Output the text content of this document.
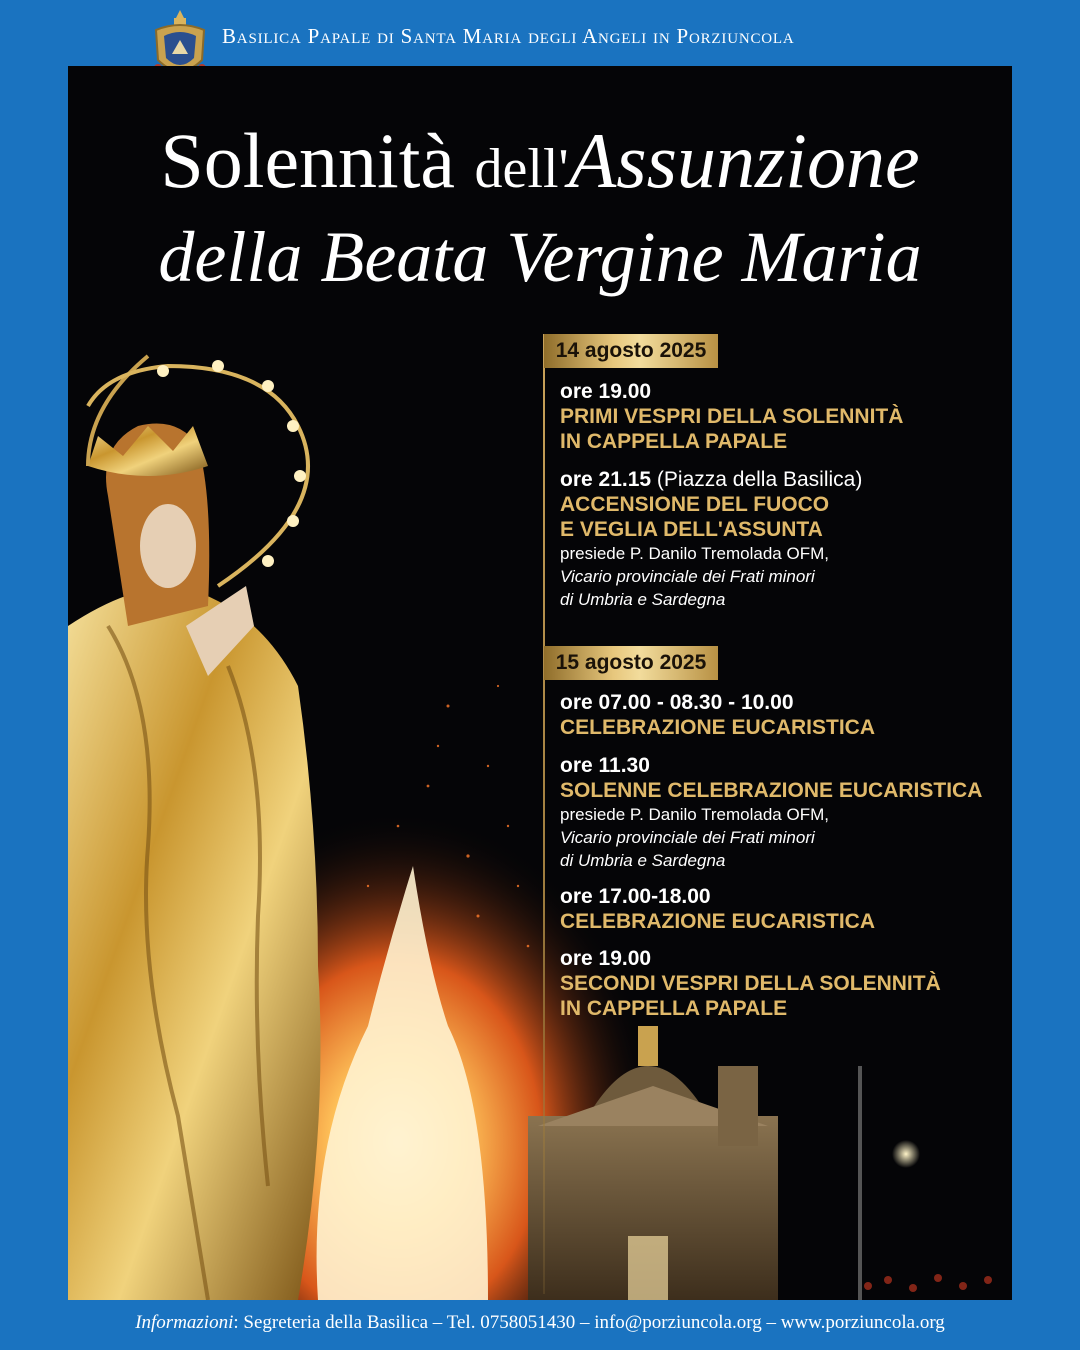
Basilica Papale di Santa Maria degli Angeli in Porziuncola
Solennità dell'Assunzione
della Beata Vergine Maria
14 agosto 2025
ore 19.00
PRIMI VESPRI DELLA SOLENNITÀ
IN CAPPELLA PAPALE
ore 21.15 (Piazza della Basilica)
ACCENSIONE DEL FUOCO
E VEGLIA DELL'ASSUNTA
presiede P. Danilo Tremolada OFM,
Vicario provinciale dei Frati minori
di Umbria e Sardegna
15 agosto 2025
ore 07.00 - 08.30 - 10.00
CELEBRAZIONE EUCARISTICA
ore 11.30
SOLENNE CELEBRAZIONE EUCARISTICA
presiede P. Danilo Tremolada OFM,
Vicario provinciale dei Frati minori
di Umbria e Sardegna
ore 17.00-18.00
CELEBRAZIONE EUCARISTICA
ore 19.00
SECONDI VESPRI DELLA SOLENNITÀ
IN CAPPELLA PAPALE
Informazioni: Segreteria della Basilica – Tel. 0758051430 – info@porziuncola.org – www.porziuncola.org
